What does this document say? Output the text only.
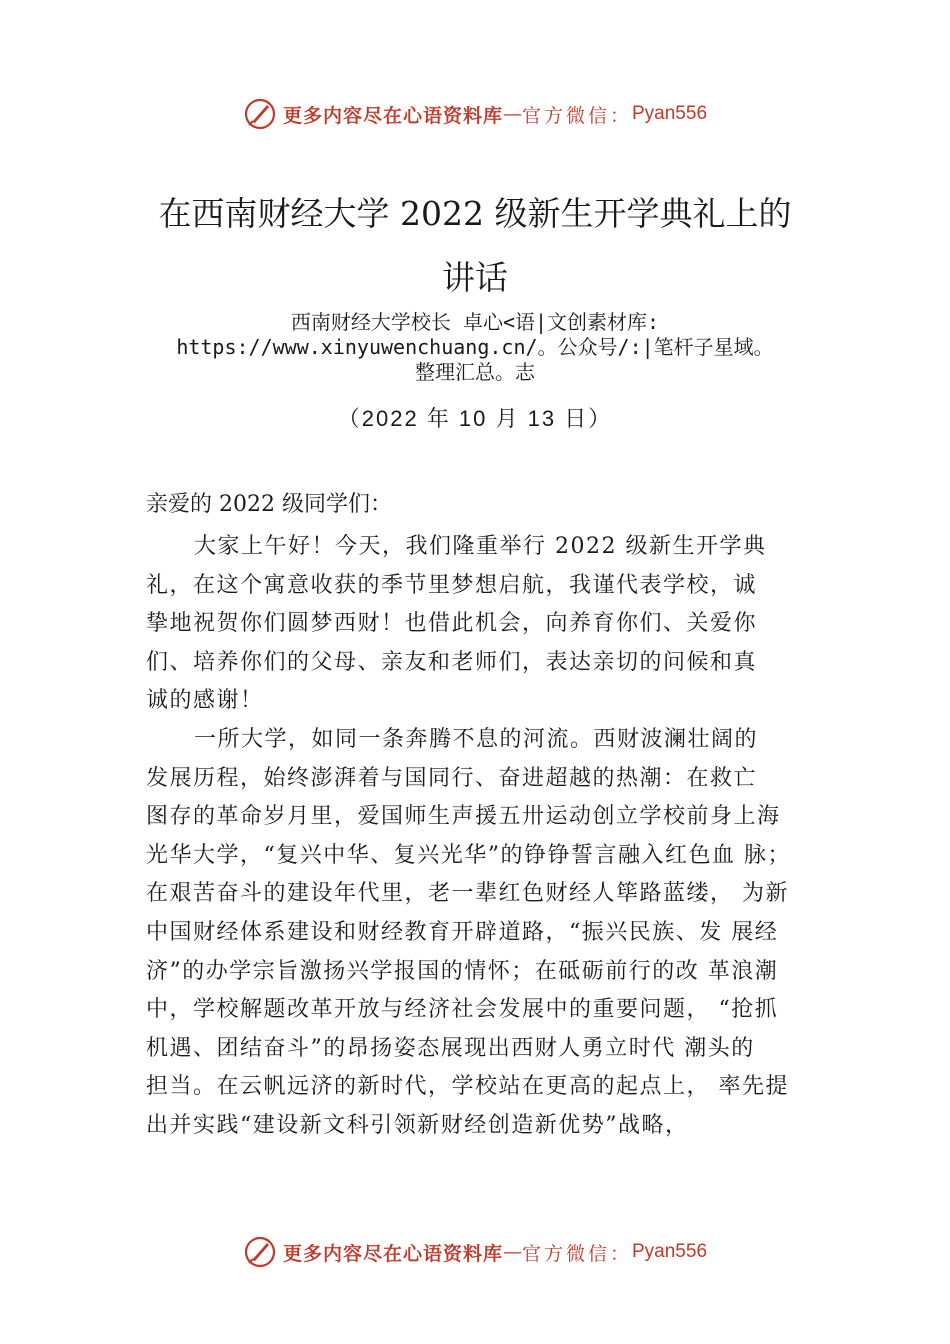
更多内容尽在心语资料库 — 官方微信： Pyan556
在西南财经大学 2022 级新生开学典礼上的
讲话
西南财经大学校长 卓心<语|文创素材库:
https://www.xinyuwenchuang.cn/。公众号/:|笔杆子星域。
整理汇总。志
（2022 年 10 月 13 日）
亲爱的 2022 级同学们：
大家上午好！今天，我们隆重举行 2022 级新生开学典
礼，在这个寓意收获的季节里梦想启航，我谨代表学校，诚
挚地祝贺你们圆梦西财！也借此机会，向养育你们、关爱你
们、培养你们的父母、亲友和老师们，表达亲切的问候和真
诚的感谢！
一所大学，如同一条奔腾不息的河流。西财波澜壮阔的
发展历程，始终澎湃着与国同行、奋进超越的热潮：在救亡
图存的革命岁月里，爱国师生声援五卅运动创立学校前身上海
光华大学，“复兴中华、复兴光华”的铮铮誓言融入红色血 脉；
在艰苦奋斗的建设年代里，老一辈红色财经人筚路蓝缕， 为新
中国财经体系建设和财经教育开辟道路，“振兴民族、发 展经
济”的办学宗旨激扬兴学报国的情怀；在砥砺前行的改 革浪潮
中，学校解题改革开放与经济社会发展中的重要问题， “抢抓
机遇、团结奋斗”的昂扬姿态展现出西财人勇立时代 潮头的
担当。在云帆远济的新时代，学校站在更高的起点上， 率先提
出并实践“建设新文科引领新财经创造新优势”战略，
更多内容尽在心语资料库 — 官方微信： Pyan556
